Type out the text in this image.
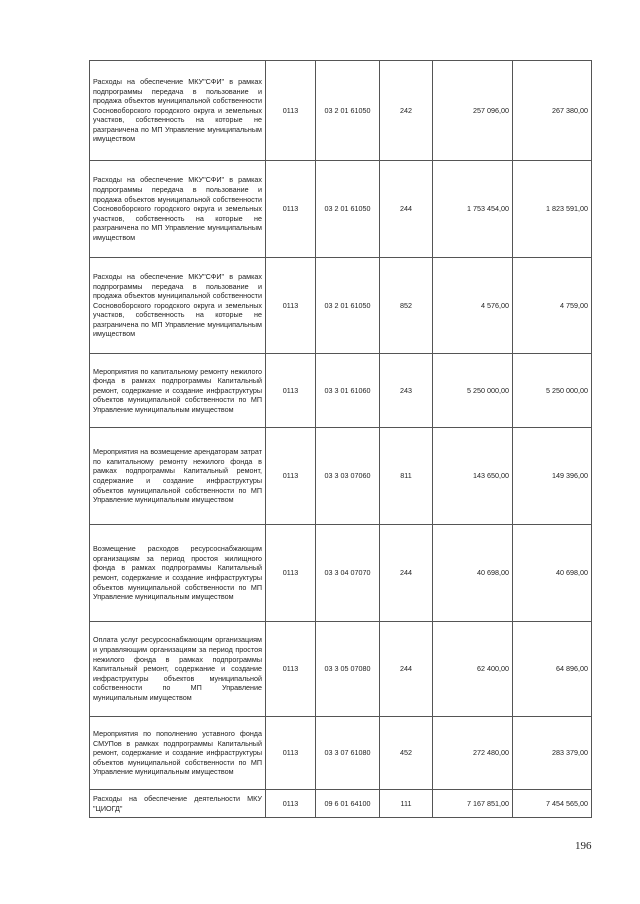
Расходы на обеспечение МКУ"СФИ" в рамках подпрограммы передача в пользование и продажа объектов муниципальной собственности Сосновоборского городского округа и земельных участков, собственность на которые не разграничена по МП Управление муниципальным имуществом	0113	03 2 01 61050	242	257 096,00	267 380,00
Расходы на обеспечение МКУ"СФИ" в рамках подпрограммы передача в пользование и продажа объектов муниципальной собственности Сосновоборского городского округа и земельных участков, собственность на которые не разграничена по МП Управление муниципальным имуществом	0113	03 2 01 61050	244	1 753 454,00	1 823 591,00
Расходы на обеспечение МКУ"СФИ" в рамках подпрограммы передача в пользование и продажа объектов муниципальной собственности Сосновоборского городского округа и земельных участков, собственность на которые не разграничена по МП Управление муниципальным имуществом	0113	03 2 01 61050	852	4 576,00	4 759,00
Мероприятия по капитальному ремонту нежилого фонда в рамках подпрограммы Капитальный ремонт, содержание и создание инфраструктуры объектов муниципальной собственности по МП Управление муниципальным имуществом	0113	03 3 01 61060	243	5 250 000,00	5 250 000,00
Мероприятия на возмещение арендаторам затрат по капитальному ремонту нежилого фонда в рамках подпрограммы Капитальный ремонт, содержание и создание инфраструктуры объектов муниципальной собственности по МП Управление муниципальным имуществом	0113	03 3 03 07060	811	143 650,00	149 396,00
Возмещение расходов ресурсоснабжающим организациям за период простоя жилищного фонда в рамках подпрограммы Капитальный ремонт, содержание и создание инфраструктуры объектов муниципальной собственности по МП Управление муниципальным имуществом	0113	03 3 04 07070	244	40 698,00	40 698,00
Оплата услуг ресурсоснабжающим организациям и управляющим организациям за период простоя нежилого фонда в рамках подпрограммы Капитальный ремонт, содержание и создание инфраструктуры объектов муниципальной собственности по МП Управление муниципальным имуществом	0113	03 3 05 07080	244	62 400,00	64 896,00
Мероприятия по пополнению уставного фонда СМУПов в рамках подпрограммы Капитальный ремонт, содержание и создание инфраструктуры объектов муниципальной собственности по МП Управление муниципальным имуществом	0113	03 3 07 61080	452	272 480,00	283 379,00
Расходы на обеспечение деятельности МКУ "ЦИОГД"	0113	09 6 01 64100	111	7 167 851,00	7 454 565,00
196
